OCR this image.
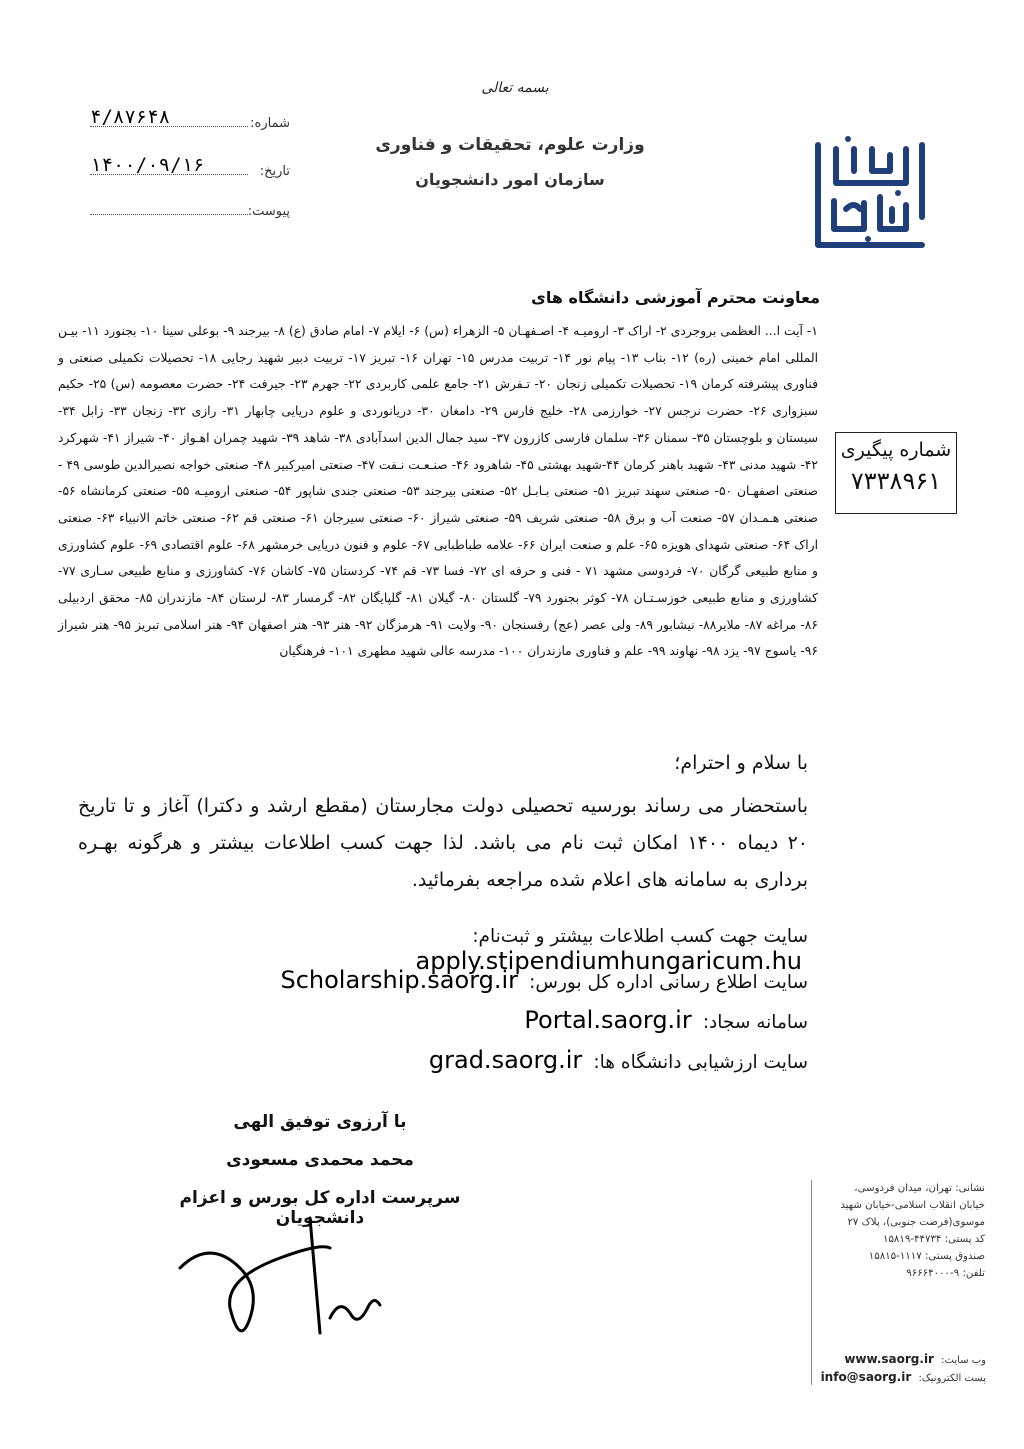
بسمه تعالی
وزارت علوم، تحقیقات و فناوری
سازمان امور دانشجویان
شماره:
۴/۸۷۶۴۸
تاریخ:
۱۴۰۰/۰۹/۱۶
پیوست:
معاونت محترم آموزشی دانشگاه های
۱- آیت ا... العظمی بروجردی ۲- اراک ۳- ارومیـه ۴- اصـفهـان ۵- الزهراء (س) ۶- ایلام ۷- امام صادق (ع) ۸- بیرجند ۹- بوعلی سینا ۱۰- بجنورد ۱۱- بیـن المللی امام خمینی (ره) ۱۲- بناب ۱۳- پیام نور ۱۴- تربیت مدرس ۱۵- تهران ۱۶- تبریز ۱۷- تربیت دبیر شهید رجایی ۱۸- تحصیلات تکمیلی صنعتی و فناوری پیشرفته کرمان ۱۹- تحصیلات تکمیلی زنجان ۲۰- تـفرش ۲۱- جامع علمی کاربردی ۲۲- جهرم ۲۳- جیرفت ۲۴- حضرت معصومه (س) ۲۵- حکیم سبزواری ۲۶- حضرت نرجس ۲۷- خوارزمی ۲۸- خلیج فارس ۲۹- دامغان ۳۰- دریانوردی و علوم دریایی چابهار ۳۱- رازی ۳۲- زنجان ۳۳- زابل ۳۴- سیستان و بلوچستان ۳۵- سمنان ۳۶- سلمان فارسی کازرون ۳۷- سید جمال الدین اسدآبادی ۳۸- شاهد ۳۹- شهید چمران اهـواز ۴۰- شیراز ۴۱- شهرکرد ۴۲- شهید مدنی ۴۳- شهید باهنر کرمان ۴۴-شهید بهشتی ۴۵- شاهرود ۴۶- صنـعـت نـفت ۴۷- صنعتی امیرکبیر ۴۸- صنعتی خواجه نصیرالدین طوسی ۴۹ - صنعتی اصفهـان ۵۰- صنعتی سهند تبریز ۵۱- صنعتی بـابـل ۵۲- صنعتی بیرجند ۵۳- صنعتی جندی شاپور ۵۴- صنعتی ارومیـه ۵۵- صنعتی کرمانشاه ۵۶- صنعتی هـمـدان ۵۷- صنعت آب و برق ۵۸- صنعتی شریف ۵۹- صنعتی شیراز ۶۰- صنعتی سیرجان ۶۱- صنعتی قم ۶۲- صنعتی خاتم الانبیاء ۶۳- صنعتی اراک ۶۴- صنعتی شهدای هویزه ۶۵- علم و صنعت ایران ۶۶- علامه طباطبایی ۶۷- علوم و فنون دریایی خرمشهر ۶۸- علوم اقتصادی ۶۹- علوم کشاورزی و منابع طبیعی گرگان ۷۰- فردوسی مشهد ۷۱ - فنی و حرفه ای ۷۲- فسا ۷۳- قم ۷۴- کردستان ۷۵- کاشان ۷۶- کشاورزی و منابع طبیعی سـاری ۷۷- کشاورزی و منابع طبیعی خوزسـتـان ۷۸- کوثر بجنورد ۷۹- گلستان ۸۰- گیلان ۸۱- گلپایگان ۸۲- گرمسار ۸۳- لرستان ۸۴- مازندران ۸۵- محقق اردبیلی ۸۶- مراغه ۸۷- ملایر۸۸- نیشابور ۸۹- ولی عصر (عج) رفسنجان ۹۰- ولایت ۹۱- هرمزگان ۹۲- هنر ۹۳- هنر اصفهان ۹۴- هنر اسلامی تبریز ۹۵- هنر شیراز ۹۶- یاسوج ۹۷- یزد ۹۸- نهاوند ۹۹- علم و فناوری مازندران ۱۰۰- مدرسه عالی شهید مطهری ۱۰۱- فرهنگیان
شماره پیگیری
۷۳۳۸۹۶۱
با سلام و احترام؛
باستحضار می رساند بورسیه تحصیلی دولت مجارستان (مقطع ارشد و دکترا) آغاز و تا تاریخ ۲۰ دیماه ۱۴۰۰ امکان ثبت نام می باشد. لذا جهت کسب اطلاعات بیشتر و هرگونه بهـره برداری به سامانه های اعلام شده مراجعه بفرمائید.
سایت جهت کسب اطلاعات بیشتر و ثبت‌نام: apply.stipendiumhungaricum.hu
سایت اطلاع رسانی اداره کل بورس: Scholarship.saorg.ir
سامانه سجاد: Portal.saorg.ir
سایت ارزشیابی دانشگاه ها: grad.saorg.ir
با آرزوی توفیق الهی
محمد محمدی مسعودی
سرپرست اداره کل بورس و اعزام دانشجویان
نشانی: تهران، میدان فردوسی،
خیابان انقلاب اسلامی-خیابان شهید
موسوی(فرصت جنوبی)، پلاک ۲۷
کد پستی: ۴۴۷۳۴-۱۵۸۱۹
صندوق پستی: ۱۱۱۷-۱۵۸۱۵
تلفن: ۹-۹۶۶۶۴۰۰۰
وب سایت: www.saorg.ir
پست الکترونیک: info@saorg.ir
